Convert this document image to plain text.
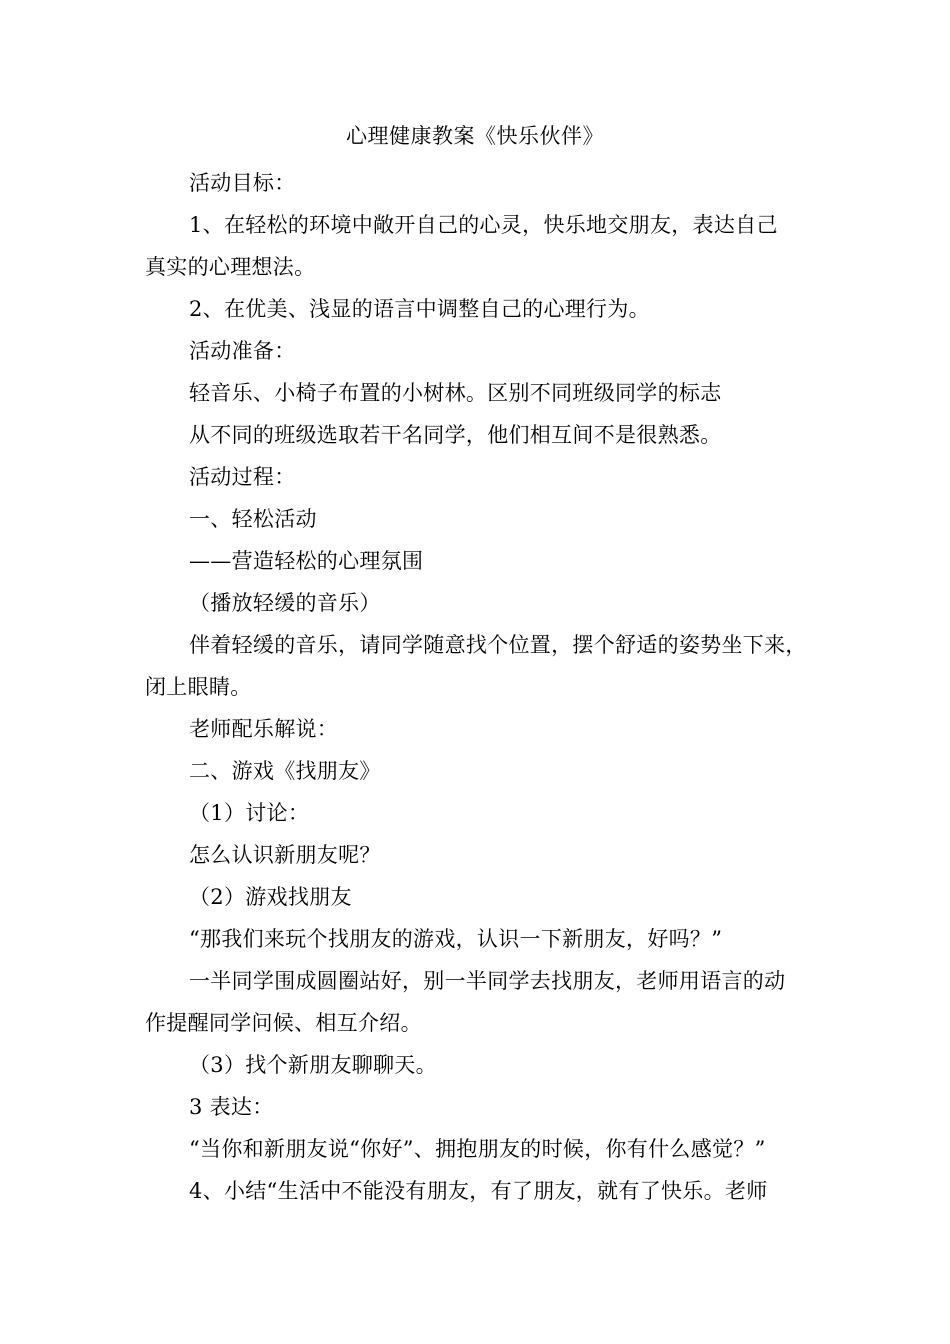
心理健康教案《快乐伙伴》

活动目标：

1、在轻松的环境中敞开自己的心灵，快乐地交朋友，表达自己

真实的心理想法。

2、在优美、浅显的语言中调整自己的心理行为。

活动准备：

轻音乐、小椅子布置的小树林。区别不同班级同学的标志

从不同的班级选取若干名同学，他们相互间不是很熟悉。

活动过程：

一、轻松活动

——营造轻松的心理氛围

（播放轻缓的音乐）

伴着轻缓的音乐，请同学随意找个位置，摆个舒适的姿势坐下来，

闭上眼睛。

老师配乐解说：

二、游戏《找朋友》

（1）讨论：

怎么认识新朋友呢？

（2）游戏找朋友

“那我们来玩个找朋友的游戏，认识一下新朋友，好吗？”

一半同学围成圆圈站好，别一半同学去找朋友，老师用语言的动

作提醒同学问候、相互介绍。

（3）找个新朋友聊聊天。

3 表达：

“当你和新朋友说“你好”、拥抱朋友的时候，你有什么感觉？”

4、小结“生活中不能没有朋友，有了朋友，就有了快乐。老师
